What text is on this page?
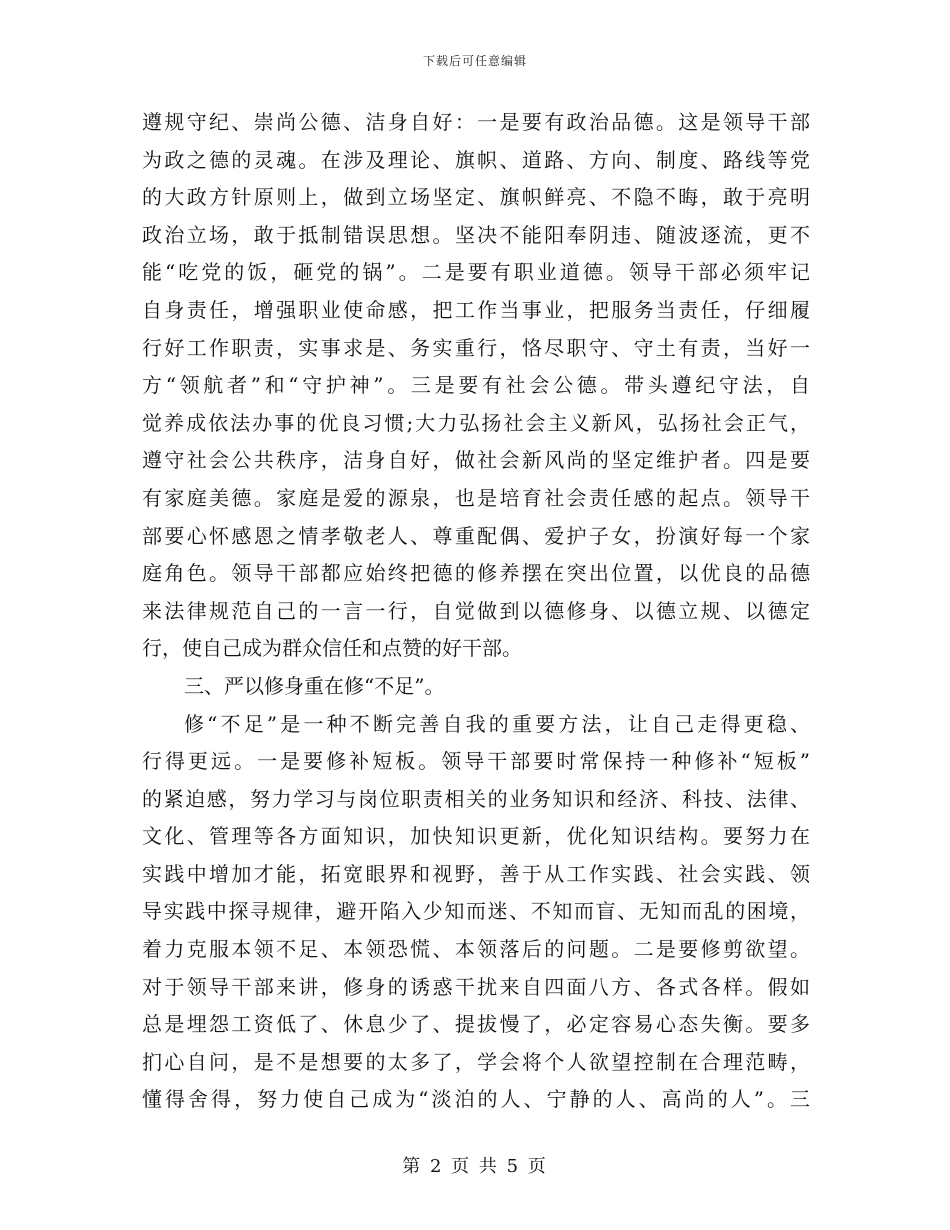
下载后可任意编辑
遵规守纪、崇尚公德、洁身自好：一是要有政治品德。这是领导干部
为政之德的灵魂。在涉及理论、旗帜、道路、方向、制度、路线等党
的大政方针原则上，做到立场坚定、旗帜鲜亮、不隐不晦，敢于亮明
政治立场，敢于抵制错误思想。坚决不能阳奉阴违、随波逐流，更不
能“吃党的饭，砸党的锅”。二是要有职业道德。领导干部必须牢记
自身责任，增强职业使命感，把工作当事业，把服务当责任，仔细履
行好工作职责，实事求是、务实重行，恪尽职守、守土有责，当好一
方“领航者”和“守护神”。三是要有社会公德。带头遵纪守法，自
觉养成依法办事的优良习惯;大力弘扬社会主义新风，弘扬社会正气，
遵守社会公共秩序，洁身自好，做社会新风尚的坚定维护者。四是要
有家庭美德。家庭是爱的源泉，也是培育社会责任感的起点。领导干
部要心怀感恩之情孝敬老人、尊重配偶、爱护子女，扮演好每一个家
庭角色。领导干部都应始终把德的修养摆在突出位置，以优良的品德
来法律规范自己的一言一行，自觉做到以德修身、以德立规、以德定
行，使自己成为群众信任和点赞的好干部。
三、严以修身重在修“不足”。
修“不足”是一种不断完善自我的重要方法，让自己走得更稳、
行得更远。一是要修补短板。领导干部要时常保持一种修补“短板”
的紧迫感，努力学习与岗位职责相关的业务知识和经济、科技、法律、
文化、管理等各方面知识，加快知识更新，优化知识结构。要努力在
实践中增加才能，拓宽眼界和视野，善于从工作实践、社会实践、领
导实践中探寻规律，避开陷入少知而迷、不知而盲、无知而乱的困境，
着力克服本领不足、本领恐慌、本领落后的问题。二是要修剪欲望。
对于领导干部来讲，修身的诱惑干扰来自四面八方、各式各样。假如
总是埋怨工资低了、休息少了、提拔慢了，必定容易心态失衡。要多
扪心自问，是不是想要的太多了，学会将个人欲望控制在合理范畴，
懂得舍得，努力使自己成为“淡泊的人、宁静的人、高尚的人”。三
第 2 页 共 5 页
